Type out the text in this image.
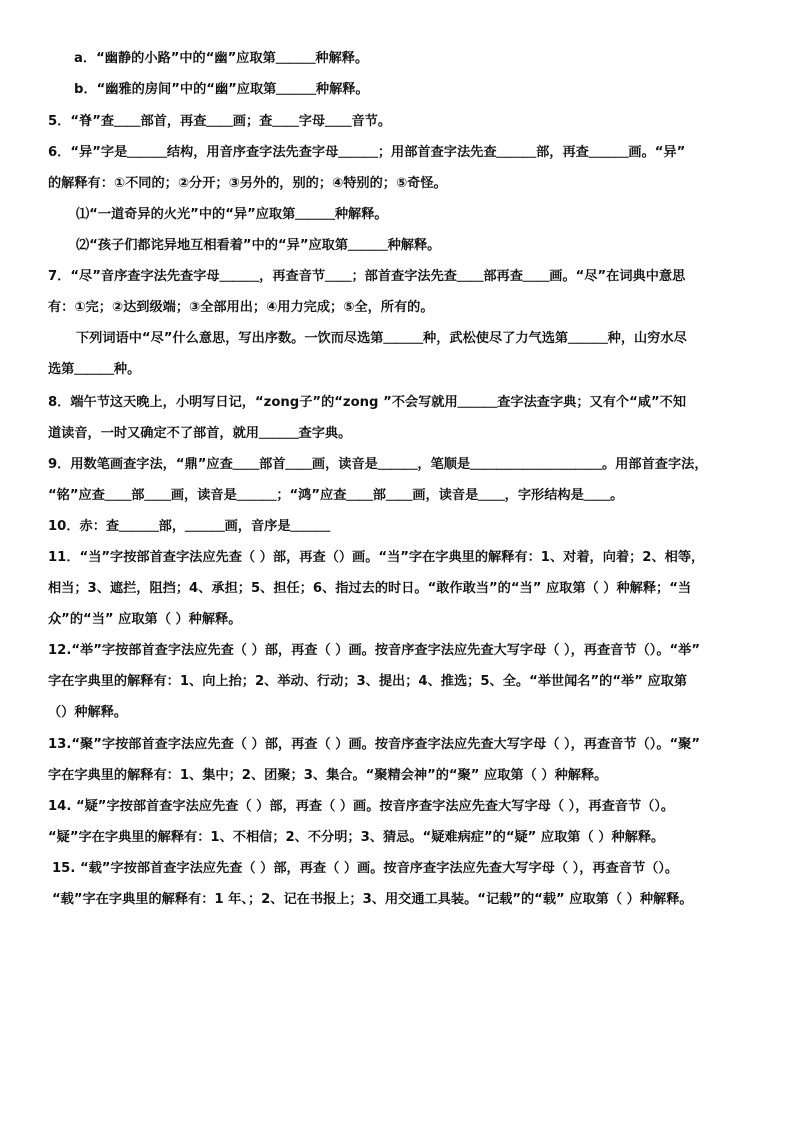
a．“幽静的小路”中的“幽”应取第＿＿＿种解释。
b．“幽雅的房间”中的“幽”应取第＿＿＿种解释。
5．“脊”查＿＿部首，再查＿＿画；查＿＿字母＿＿音节。
6．“异”字是＿＿＿结构，用音序查字法先查字母＿＿＿；用部首查字法先查＿＿＿部，再查＿＿＿画。“异”
的解释有：①不同的；②分开；③另外的，别的；④特别的；⑤奇怪。
⑴“一道奇异的火光”中的“异”应取第＿＿＿种解释。
⑵“孩子们都诧异地互相看着”中的“异”应取第＿＿＿种解释。
7．“尽”音序查字法先查字母＿＿＿，再查音节＿＿；部首查字法先查＿＿部再查＿＿画。“尽”在词典中意思
有：①完；②达到级端；③全部用出；④用力完成；⑤全，所有的。
下列词语中“尽”什么意思，写出序数。一饮而尽选第＿＿＿种，武松使尽了力气选第＿＿＿种，山穷水尽
选第＿＿＿种。
8．端午节这天晚上，小明写日记，“zong子”的“zong ”不会写就用＿＿＿查字法查字典；又有个“咸”不知
道读音，一时又确定不了部首，就用＿＿＿查字典。
9．用数笔画查字法，“鼎”应查＿＿部首＿＿画，读音是＿＿＿，笔顺是＿＿＿＿＿＿＿＿＿＿。用部首查字法，
“铭”应查＿＿部＿＿画，读音是＿＿＿；“鸿”应查＿＿部＿＿画，读音是＿＿，字形结构是＿＿。
10．赤：查＿＿＿部，＿＿＿画，音序是＿＿＿
11．“当”字按部首查字法应先查（ ）部，再查（）画。“当”字在字典里的解释有：1、对着，向着；2、相等，
相当；3、遮拦，阻挡；4、承担；5、担任；6、指过去的时日。“敢作敢当”的“当” 应取第（ ）种解释；“当
众”的“当” 应取第（ ）种解释。
12.“举”字按部首查字法应先查（ ）部，再查（ ）画。按音序查字法应先查大写字母（ ），再查音节（）。“举”
字在字典里的解释有：1、向上抬；2、举动、行动；3、提出；4、推选；5、全。“举世闻名”的“举” 应取第
（）种解释。
13.“聚”字按部首查字法应先查（ ）部，再查（ ）画。按音序查字法应先查大写字母（ ），再查音节（）。“聚”
字在字典里的解释有：1、集中；2、团聚；3、集合。“聚精会神”的“聚” 应取第（ ）种解释。
14. “疑”字按部首查字法应先查（ ）部，再查（ ）画。按音序查字法应先查大写字母（ ），再查音节（）。
“疑”字在字典里的解释有：1、不相信；2、不分明；3、猜忌。“疑难病症”的“疑” 应取第（ ）种解释。
15. “载”字按部首查字法应先查（ ）部，再查（ ）画。按音序查字法应先查大写字母（ ），再查音节（）。
“载”字在字典里的解释有：1 年、；2、记在书报上；3、用交通工具装。“记载”的“载” 应取第（ ）种解释。
